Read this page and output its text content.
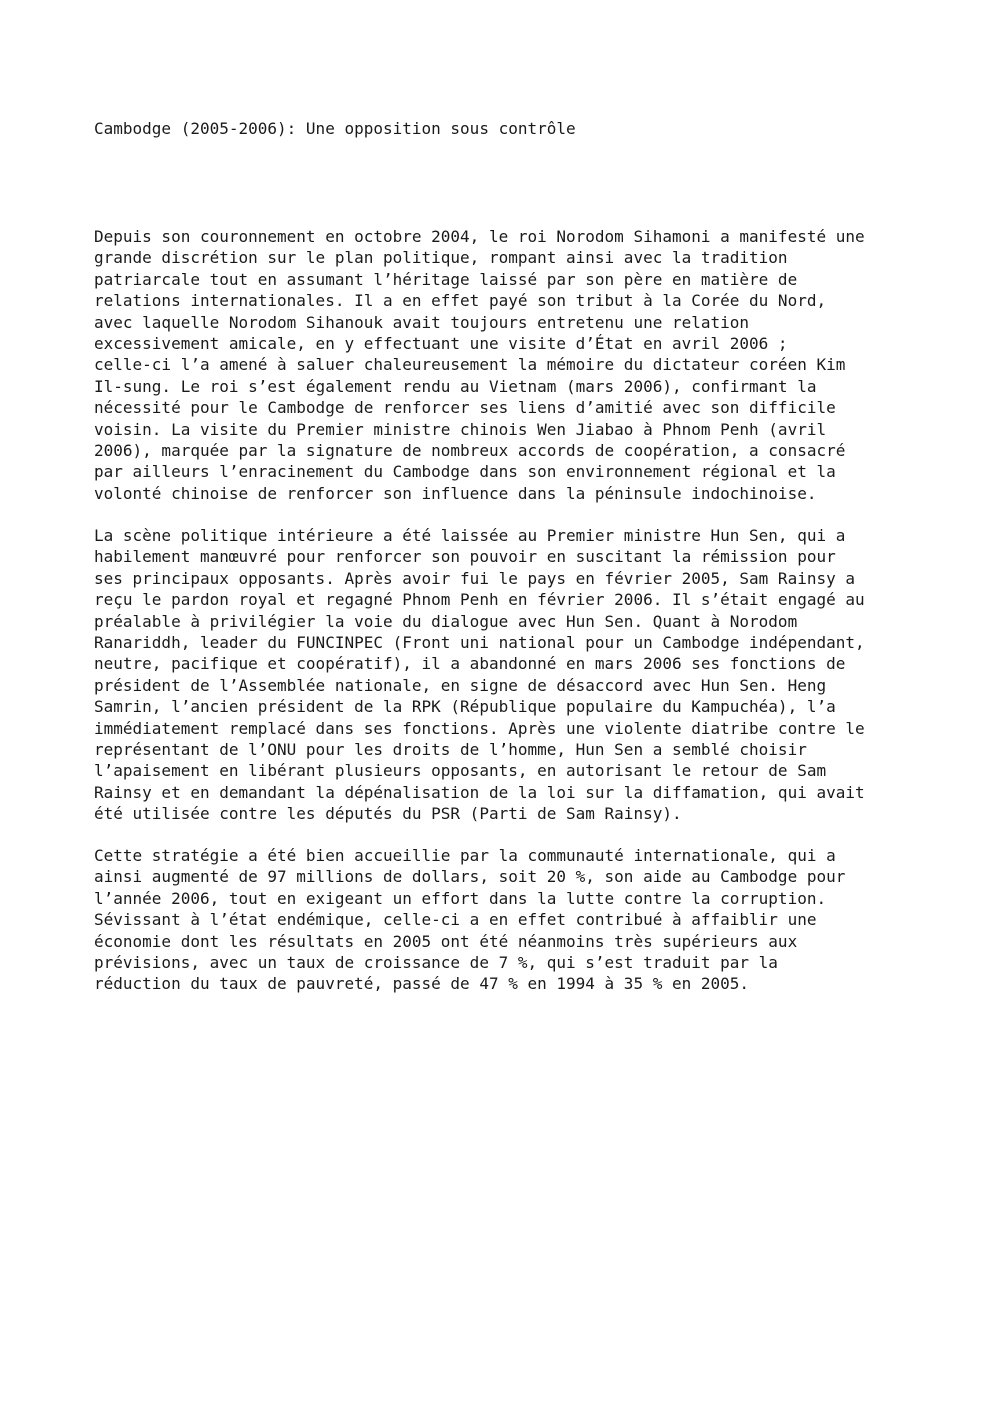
Cambodge (2005-2006): Une opposition sous contrôle

Depuis son couronnement en octobre 2004, le roi Norodom Sihamoni a manifesté une
grande discrétion sur le plan politique, rompant ainsi avec la tradition
patriarcale tout en assumant l’héritage laissé par son père en matière de
relations internationales. Il a en effet payé son tribut à la Corée du Nord,
avec laquelle Norodom Sihanouk avait toujours entretenu une relation
excessivement amicale, en y effectuant une visite d’État en avril 2006 ;
celle-ci l’a amené à saluer chaleureusement la mémoire du dictateur coréen Kim
Il-sung. Le roi s’est également rendu au Vietnam (mars 2006), confirmant la
nécessité pour le Cambodge de renforcer ses liens d’amitié avec son difficile
voisin. La visite du Premier ministre chinois Wen Jiabao à Phnom Penh (avril
2006), marquée par la signature de nombreux accords de coopération, a consacré
par ailleurs l’enracinement du Cambodge dans son environnement régional et la
volonté chinoise de renforcer son influence dans la péninsule indochinoise.

La scène politique intérieure a été laissée au Premier ministre Hun Sen, qui a
habilement manœuvré pour renforcer son pouvoir en suscitant la rémission pour
ses principaux opposants. Après avoir fui le pays en février 2005, Sam Rainsy a
reçu le pardon royal et regagné Phnom Penh en février 2006. Il s’était engagé au
préalable à privilégier la voie du dialogue avec Hun Sen. Quant à Norodom
Ranariddh, leader du FUNCINPEC (Front uni national pour un Cambodge indépendant,
neutre, pacifique et coopératif), il a abandonné en mars 2006 ses fonctions de
président de l’Assemblée nationale, en signe de désaccord avec Hun Sen. Heng
Samrin, l’ancien président de la RPK (République populaire du Kampuchéa), l’a
immédiatement remplacé dans ses fonctions. Après une violente diatribe contre le
représentant de l’ONU pour les droits de l’homme, Hun Sen a semblé choisir
l’apaisement en libérant plusieurs opposants, en autorisant le retour de Sam
Rainsy et en demandant la dépénalisation de la loi sur la diffamation, qui avait
été utilisée contre les députés du PSR (Parti de Sam Rainsy).

Cette stratégie a été bien accueillie par la communauté internationale, qui a
ainsi augmenté de 97 millions de dollars, soit 20 %, son aide au Cambodge pour
l’année 2006, tout en exigeant un effort dans la lutte contre la corruption.
Sévissant à l’état endémique, celle-ci a en effet contribué à affaiblir une
économie dont les résultats en 2005 ont été néanmoins très supérieurs aux
prévisions, avec un taux de croissance de 7 %, qui s’est traduit par la
réduction du taux de pauvreté, passé de 47 % en 1994 à 35 % en 2005.
